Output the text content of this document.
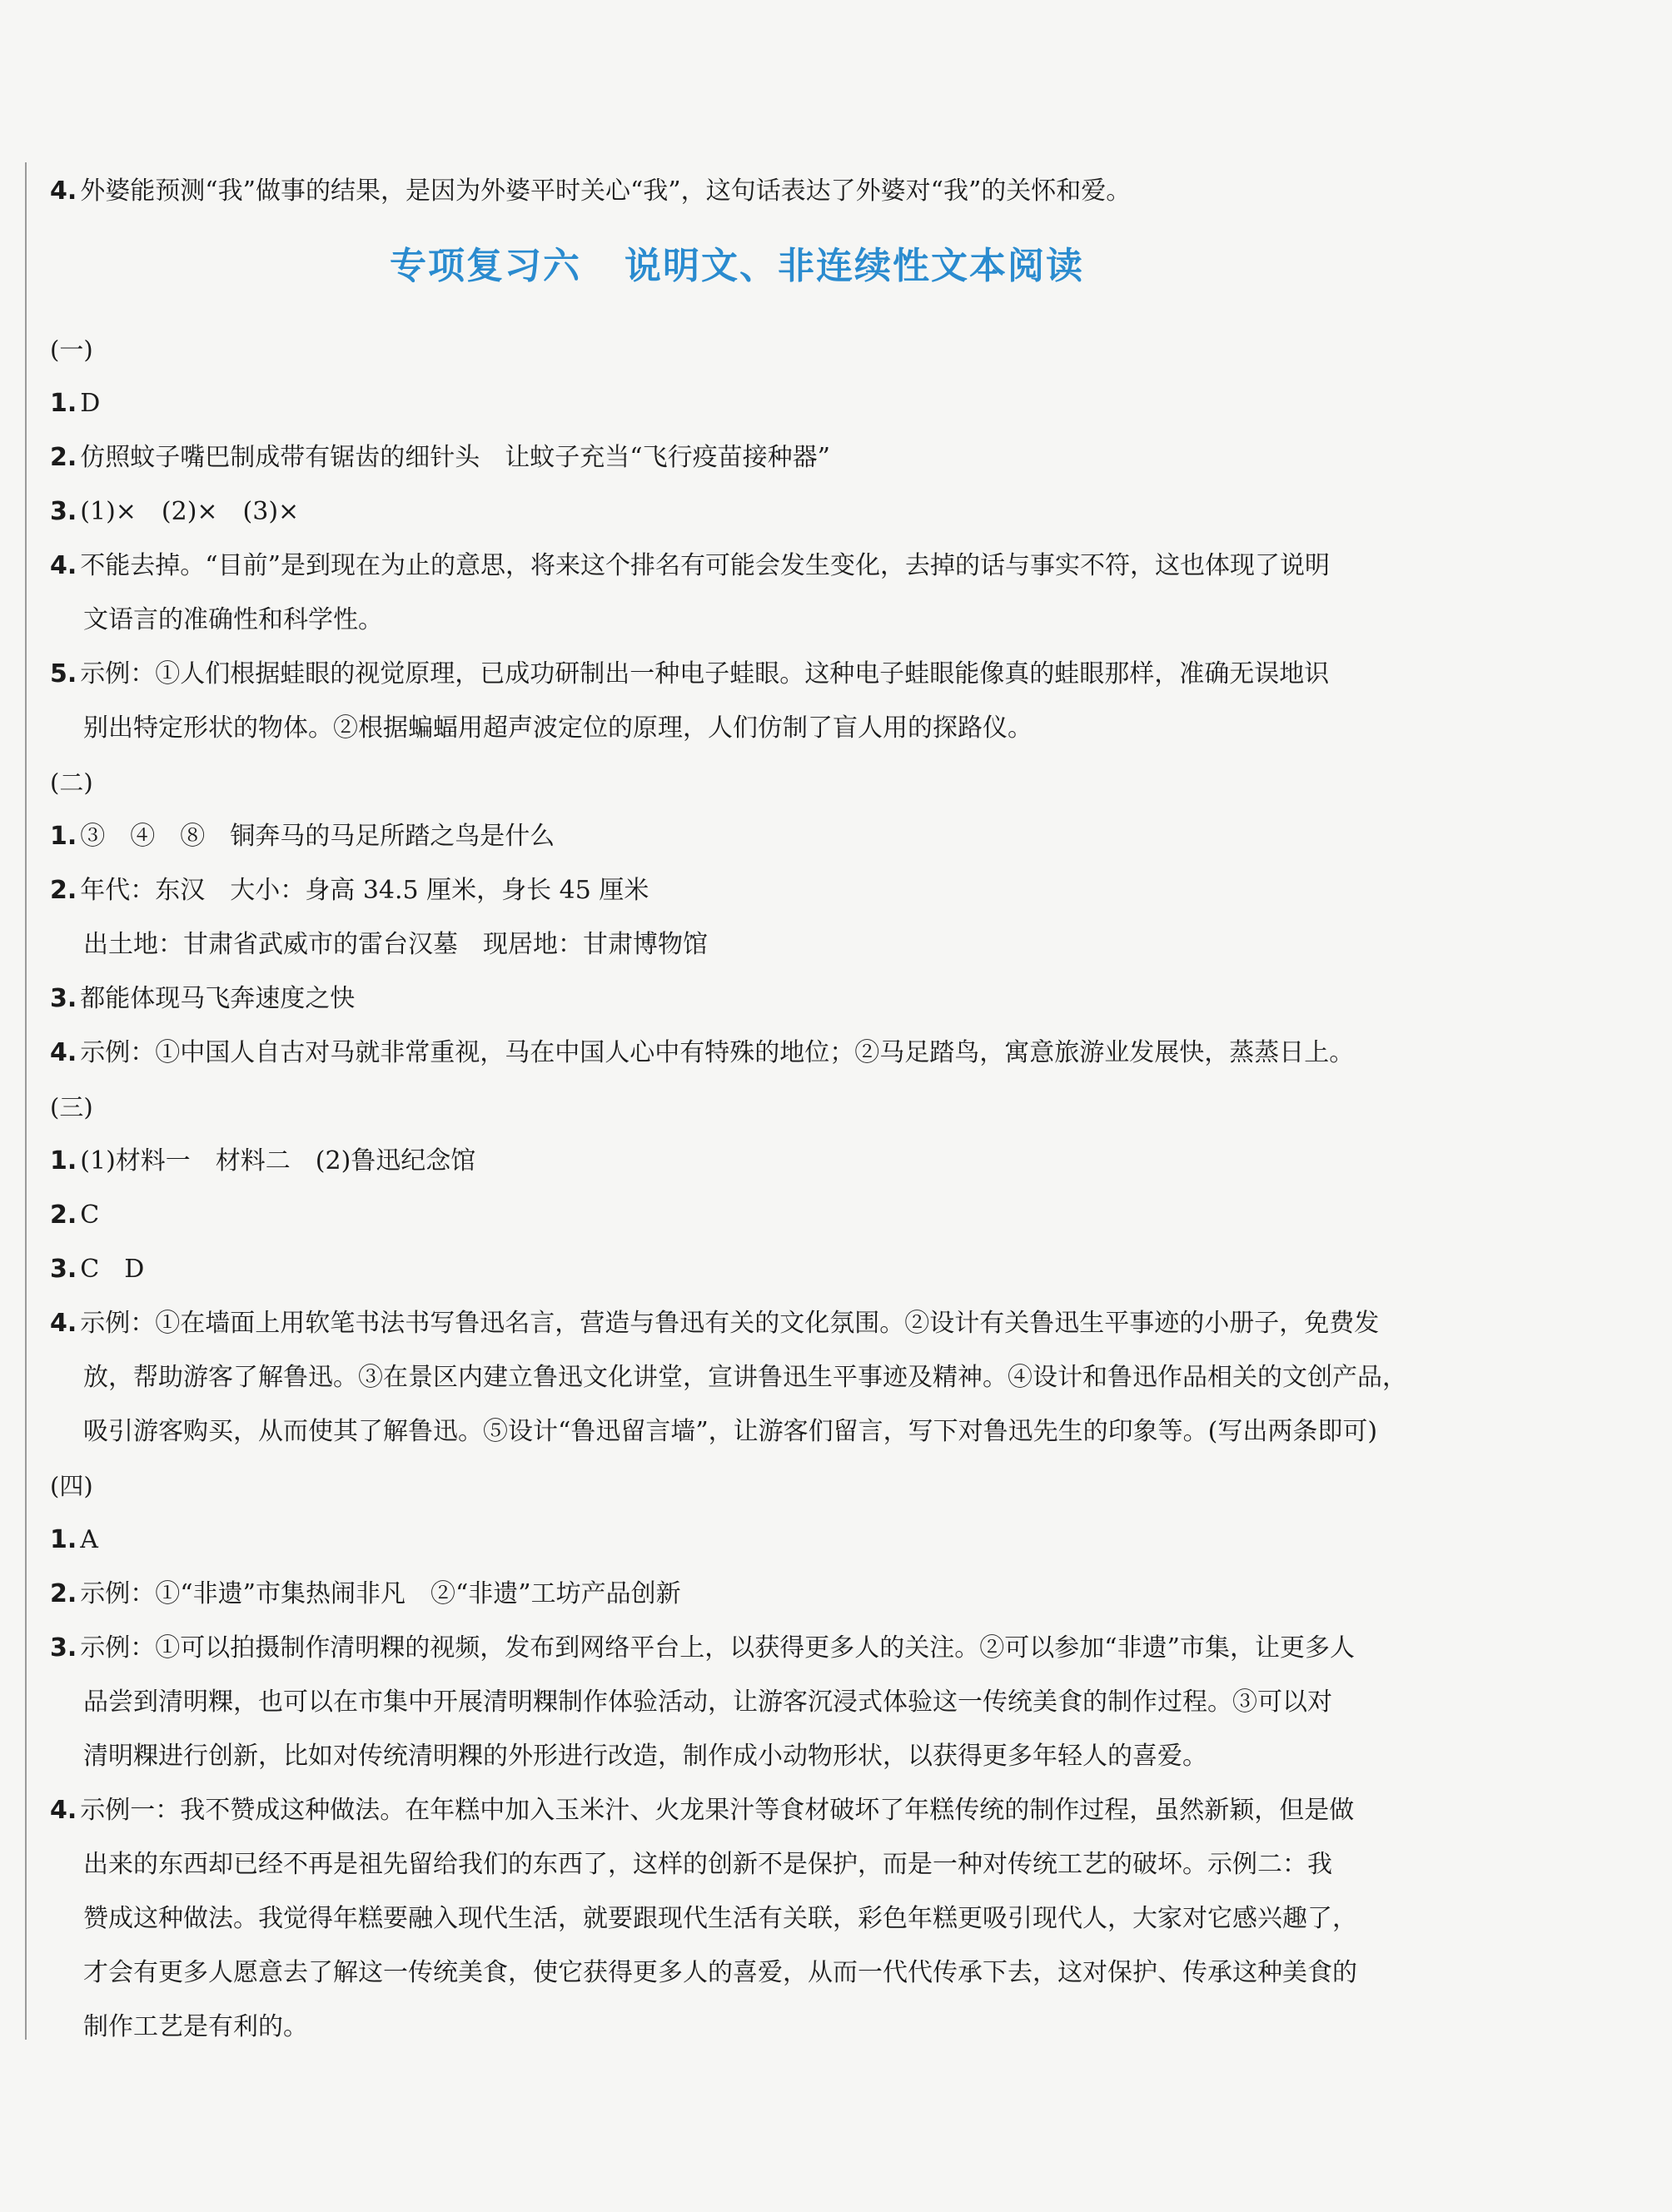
4. 外婆能预测“我”做事的结果，是因为外婆平时关心“我”，这句话表达了外婆对“我”的关怀和爱。
专项复习六 说明文、非连续性文本阅读
(一)
1. D
2. 仿照蚊子嘴巴制成带有锯齿的细针头　让蚊子充当“飞行疫苗接种器”
3. (1)×　(2)×　(3)×
4. 不能去掉。“目前”是到现在为止的意思，将来这个排名有可能会发生变化，去掉的话与事实不符，这也体现了说明
文语言的准确性和科学性。
5. 示例：①人们根据蛙眼的视觉原理，已成功研制出一种电子蛙眼。这种电子蛙眼能像真的蛙眼那样，准确无误地识
别出特定形状的物体。②根据蝙蝠用超声波定位的原理，人们仿制了盲人用的探路仪。
(二)
1. ③　④　⑧　铜奔马的马足所踏之鸟是什么
2. 年代：东汉　大小：身高 34.5 厘米，身长 45 厘米
出土地：甘肃省武威市的雷台汉墓　现居地：甘肃博物馆
3. 都能体现马飞奔速度之快
4. 示例：①中国人自古对马就非常重视，马在中国人心中有特殊的地位；②马足踏鸟，寓意旅游业发展快，蒸蒸日上。
(三)
1. (1)材料一　材料二　(2)鲁迅纪念馆
2. C
3. C　D
4. 示例：①在墙面上用软笔书法书写鲁迅名言，营造与鲁迅有关的文化氛围。②设计有关鲁迅生平事迹的小册子，免费发
放，帮助游客了解鲁迅。③在景区内建立鲁迅文化讲堂，宣讲鲁迅生平事迹及精神。④设计和鲁迅作品相关的文创产品，
吸引游客购买，从而使其了解鲁迅。⑤设计“鲁迅留言墙”，让游客们留言，写下对鲁迅先生的印象等。(写出两条即可)
(四)
1. A
2. 示例：①“非遗”市集热闹非凡　②“非遗”工坊产品创新
3. 示例：①可以拍摄制作清明粿的视频，发布到网络平台上，以获得更多人的关注。②可以参加“非遗”市集，让更多人
品尝到清明粿，也可以在市集中开展清明粿制作体验活动，让游客沉浸式体验这一传统美食的制作过程。③可以对
清明粿进行创新，比如对传统清明粿的外形进行改造，制作成小动物形状，以获得更多年轻人的喜爱。
4. 示例一：我不赞成这种做法。在年糕中加入玉米汁、火龙果汁等食材破坏了年糕传统的制作过程，虽然新颖，但是做
出来的东西却已经不再是祖先留给我们的东西了，这样的创新不是保护，而是一种对传统工艺的破坏。示例二：我
赞成这种做法。我觉得年糕要融入现代生活，就要跟现代生活有关联，彩色年糕更吸引现代人，大家对它感兴趣了，
才会有更多人愿意去了解这一传统美食，使它获得更多人的喜爱，从而一代代传承下去，这对保护、传承这种美食的
制作工艺是有利的。
